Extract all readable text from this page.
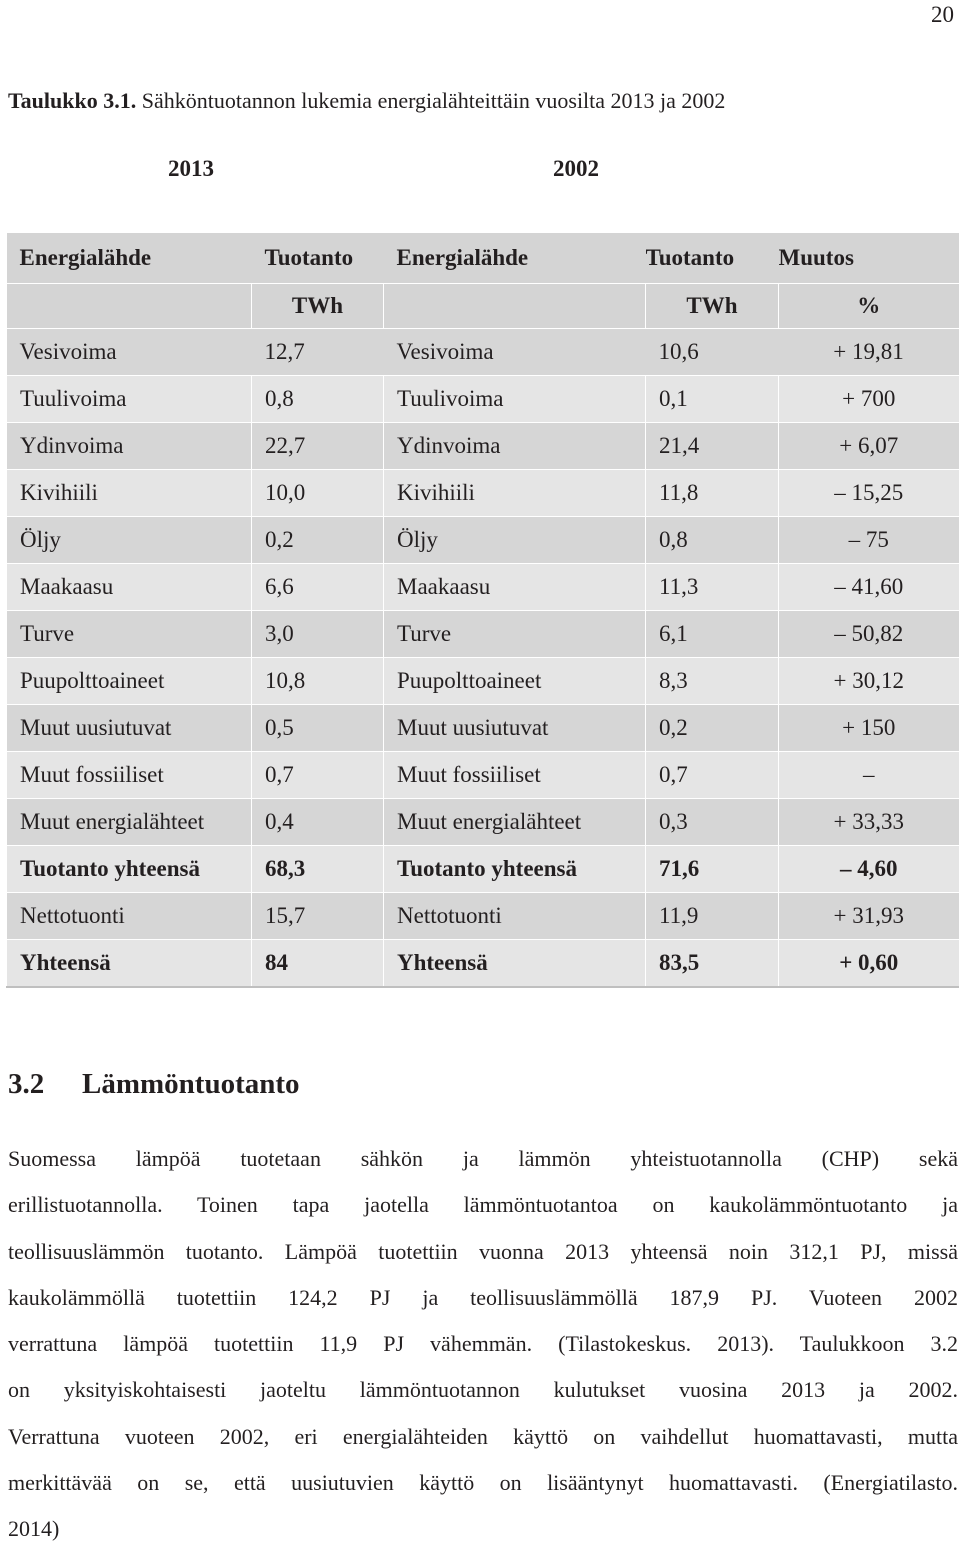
20
Taulukko 3.1. Sähköntuotannon lukemia energialähteittäin vuosilta 2013 ja 2002
2013	2002
Energialähde	Tuotanto	Energialähde	Tuotanto	Muutos
	TWh		TWh	%
Vesivoima	12,7	Vesivoima	10,6	+ 19,81
Tuulivoima	0,8	Tuulivoima	0,1	+ 700
Ydinvoima	22,7	Ydinvoima	21,4	+ 6,07
Kivihiili	10,0	Kivihiili	11,8	– 15,25
Öljy	0,2	Öljy	0,8	– 75
Maakaasu	6,6	Maakaasu	11,3	– 41,60
Turve	3,0	Turve	6,1	– 50,82
Puupolttoaineet	10,8	Puupolttoaineet	8,3	+ 30,12
Muut uusiutuvat	0,5	Muut uusiutuvat	0,2	+ 150
Muut fossiiliset	0,7	Muut fossiiliset	0,7	–
Muut energialähteet	0,4	Muut energialähteet	0,3	+ 33,33
Tuotanto yhteensä	68,3	Tuotanto yhteensä	71,6	– 4,60
Nettotuonti	15,7	Nettotuonti	11,9	+ 31,93
Yhteensä	84	Yhteensä	83,5	+ 0,60
3.2 Lämmöntuotanto
Suomessa lämpöä tuotetaan sähkön ja lämmön yhteistuotannolla (CHP) sekä
erillistuotannolla. Toinen tapa jaotella lämmöntuotantoa on kaukolämmöntuotanto ja
teollisuuslämmön tuotanto. Lämpöä tuotettiin vuonna 2013 yhteensä noin 312,1 PJ, missä
kaukolämmöllä tuotettiin 124,2 PJ ja teollisuuslämmöllä 187,9 PJ. Vuoteen 2002
verrattuna lämpöä tuotettiin 11,9 PJ vähemmän. (Tilastokeskus. 2013). Taulukkoon 3.2
on yksityiskohtaisesti jaoteltu lämmöntuotannon kulutukset vuosina 2013 ja 2002.
Verrattuna vuoteen 2002, eri energialähteiden käyttö on vaihdellut huomattavasti, mutta
merkittävää on se, että uusiutuvien käyttö on lisääntynyt huomattavasti. (Energiatilasto.
2014)
